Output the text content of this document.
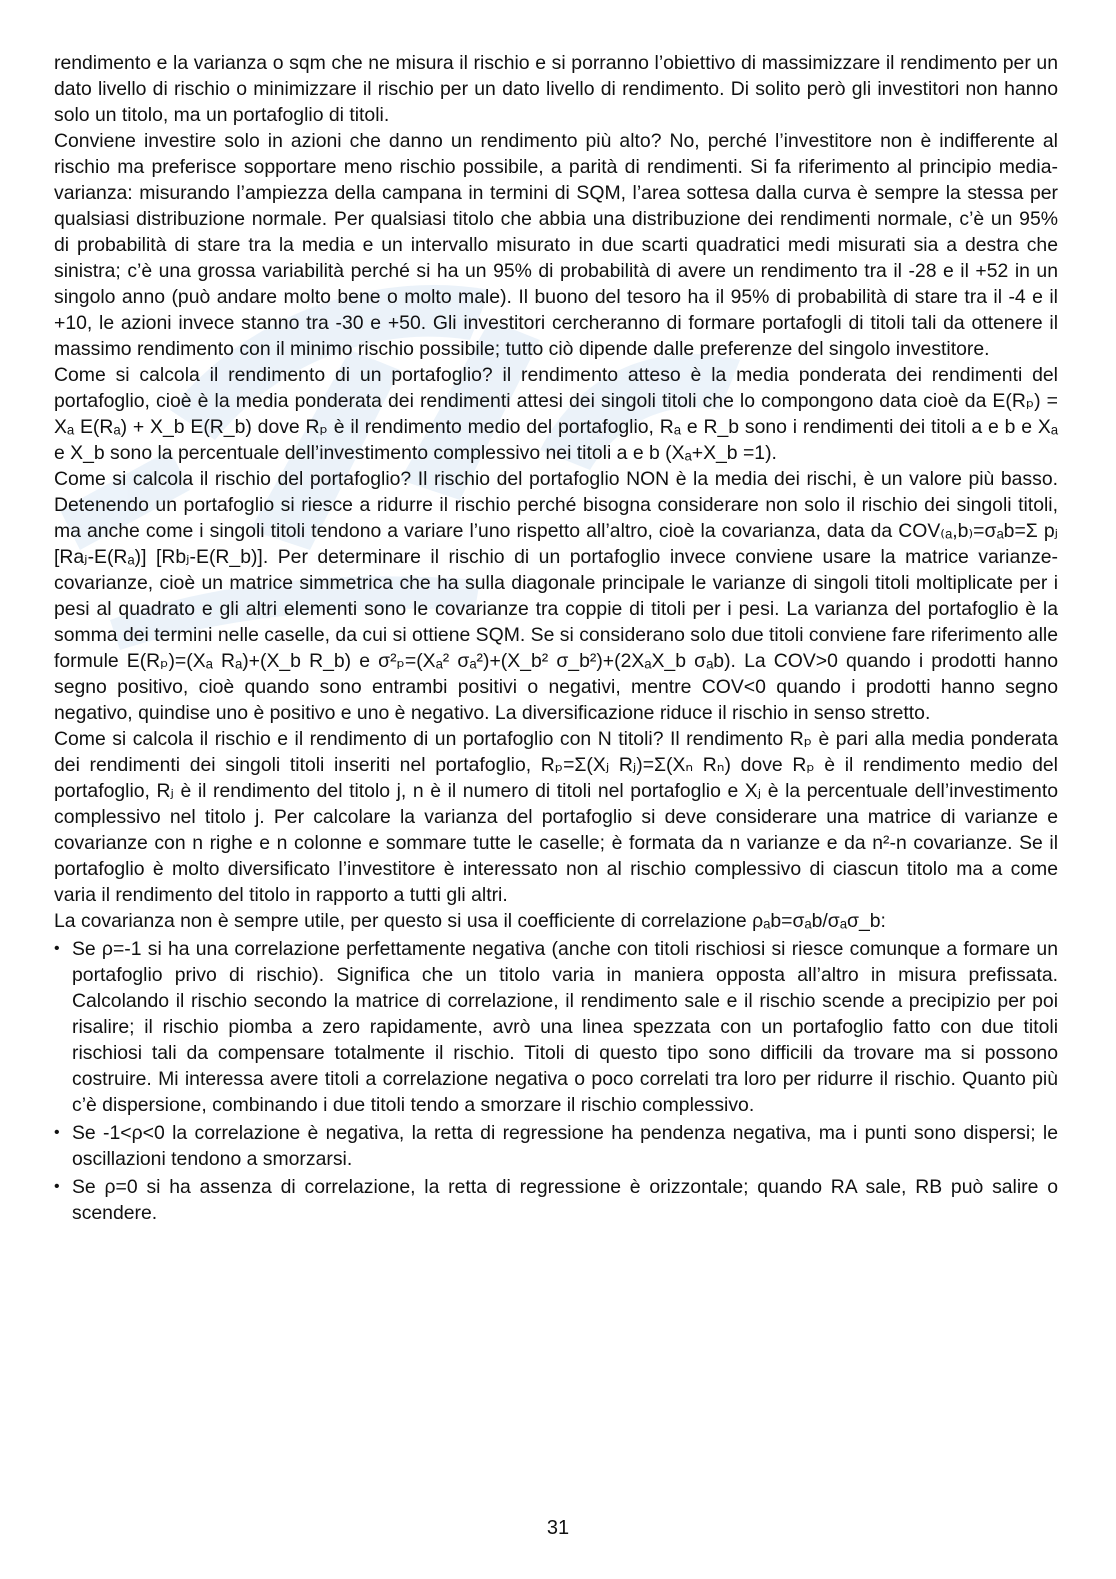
rendimento e la varianza o sqm che ne misura il rischio e si porranno l’obiettivo di massimizzare il rendimento per un dato livello di rischio o minimizzare il rischio per un dato livello di rendimento. Di solito però gli investitori non hanno solo un titolo, ma un portafoglio di titoli.

Conviene investire solo in azioni che danno un rendimento più alto? No, perché l’investitore non è indifferente al rischio ma preferisce sopportare meno rischio possibile, a parità di rendimenti. Si fa riferimento al principio media-varianza: misurando l’ampiezza della campana in termini di SQM, l’area sottesa dalla curva è sempre la stessa per qualsiasi distribuzione normale. Per qualsiasi titolo che abbia una distribuzione dei rendimenti normale, c’è un 95% di probabilità di stare tra la media e un intervallo misurato in due scarti quadratici medi misurati sia a destra che sinistra; c’è una grossa variabilità perché si ha un 95% di probabilità di avere un rendimento tra il -28 e il +52 in un singolo anno (può andare molto bene o molto male). Il buono del tesoro ha il 95% di probabilità di stare tra il -4 e il +10, le azioni invece stanno tra -30 e +50. Gli investitori cercheranno di formare portafogli di titoli tali da ottenere il massimo rendimento con il minimo rischio possibile; tutto ciò dipende dalle preferenze del singolo investitore.

Come si calcola il rendimento di un portafoglio? il rendimento atteso è la media ponderata dei rendimenti del portafoglio, cioè è la media ponderata dei rendimenti attesi dei singoli titoli che lo compongono data cioè da E(Rₚ) = Xₐ E(Rₐ) + X_b E(R_b) dove Rₚ è il rendimento medio del portafoglio, Rₐ e R_b sono i rendimenti dei titoli a e b e Xₐ e X_b sono la percentuale dell’investimento complessivo nei titoli a e b (Xₐ+X_b =1).

Come si calcola il rischio del portafoglio? Il rischio del portafoglio NON è la media dei rischi, è un valore più basso. Detenendo un portafoglio si riesce a ridurre il rischio perché bisogna considerare non solo il rischio dei singoli titoli, ma anche come i singoli titoli tendono a variare l’uno rispetto all’altro, cioè la covarianza, data da COV₍ₐ,b₎=σₐb=Σ pⱼ [Raⱼ-E(Rₐ)] [Rbⱼ-E(R_b)]. Per determinare il rischio di un portafoglio invece conviene usare la matrice varianze-covarianze, cioè un matrice simmetrica che ha sulla diagonale principale le varianze di singoli titoli moltiplicate per i pesi al quadrato e gli altri elementi sono le covarianze tra coppie di titoli per i pesi. La varianza del portafoglio è la somma dei termini nelle caselle, da cui si ottiene SQM. Se si considerano solo due titoli conviene fare riferimento alle formule E(Rₚ)=(Xₐ Rₐ)+(X_b R_b) e σ²ₚ=(Xₐ² σₐ²)+(X_b² σ_b²)+(2XₐX_b σₐb). La COV>0 quando i prodotti hanno segno positivo, cioè quando sono entrambi positivi o negativi, mentre COV<0 quando i prodotti hanno segno negativo, quindise uno è positivo e uno è negativo. La diversificazione riduce il rischio in senso stretto.

Come si calcola il rischio e il rendimento di un portafoglio con N titoli? Il rendimento Rₚ è pari alla media ponderata dei rendimenti dei singoli titoli inseriti nel portafoglio, Rₚ=Σ(Xⱼ Rⱼ)=Σ(Xₙ Rₙ) dove Rₚ è il rendimento medio del portafoglio, Rⱼ è il rendimento del titolo j, n è il numero di titoli nel portafoglio e Xⱼ è la percentuale dell’investimento complessivo nel titolo j. Per calcolare la varianza del portafoglio si deve considerare una matrice di varianze e covarianze con n righe e n colonne e sommare tutte le caselle; è formata da n varianze e da n²-n covarianze. Se il portafoglio è molto diversificato l’investitore è interessato non al rischio complessivo di ciascun titolo ma a come varia il rendimento del titolo in rapporto a tutti gli altri.

La covarianza non è sempre utile, per questo si usa il coefficiente di correlazione ρₐb=σₐb/σₐσ_b:

• Se ρ=-1 si ha una correlazione perfettamente negativa (anche con titoli rischiosi si riesce comunque a formare un portafoglio privo di rischio). Significa che un titolo varia in maniera opposta all’altro in misura prefissata. Calcolando il rischio secondo la matrice di correlazione, il rendimento sale e il rischio scende a precipizio per poi risalire; il rischio piomba a zero rapidamente, avrò una linea spezzata con un portafoglio fatto con due titoli rischiosi tali da compensare totalmente il rischio. Titoli di questo tipo sono difficili da trovare ma si possono costruire. Mi interessa avere titoli a correlazione negativa o poco correlati tra loro per ridurre il rischio. Quanto più c’è dispersione, combinando i due titoli tendo a smorzare il rischio complessivo.
• Se -1<ρ<0 la correlazione è negativa, la retta di regressione ha pendenza negativa, ma i punti sono dispersi; le oscillazioni tendono a smorzarsi.
• Se ρ=0 si ha assenza di correlazione, la retta di regressione è orizzontale; quando RA sale, RB può salire o scendere.
31
